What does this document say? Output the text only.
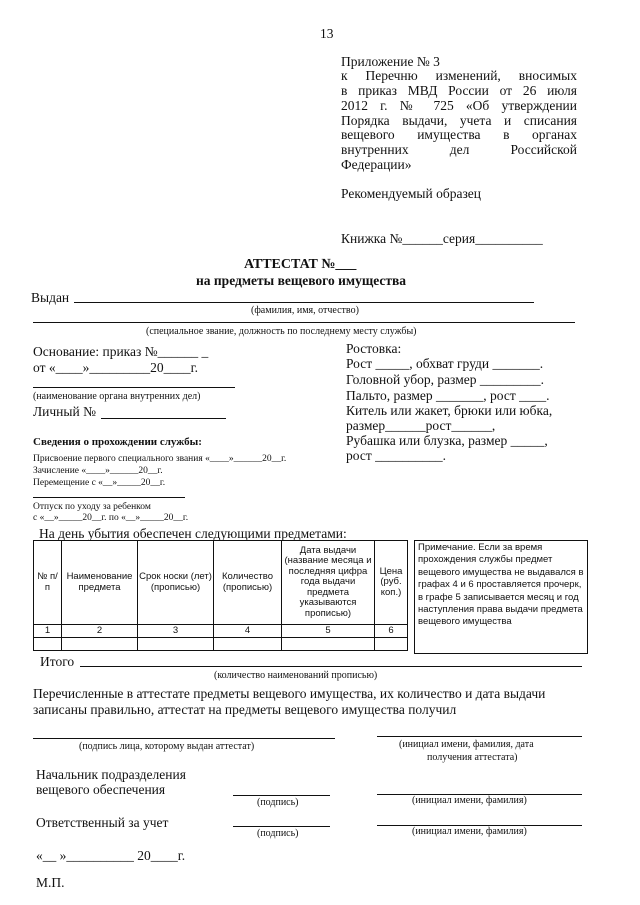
13
Приложение № 3
к Перечню изменений, вносимых
в приказ МВД России от 26 июля
2012 г. № 725 «Об утверждении
Порядка выдачи, учета и списания
вещевого имущества в органах
внутренних дел Российской
Федерации»
Рекомендуемый образец
Книжка №______серия__________
АТТЕСТАТ №___
на предметы вещевого имущества
Выдан
(фамилия, имя, отчество)
(специальное звание, должность по последнему месту службы)
Основание: приказ №______ _
от «____»_________20____г.
(наименование органа внутренних дел)
Личный №
Сведения о прохождении службы:
Присвоение первого специального звания «____»______20__г.
Зачисление «____»______20__г.
Перемещение с «__»_____20__г.
Отпуск по уходу за ребенком
с «__»_____20__г. по «__»_____20__г.
Ростовка:
Рост _____, обхват груди _______.
Головной убор, размер _________.
Пальто, размер _______, рост ____.
Китель или жакет, брюки или юбка,
размер______рост______,
Рубашка или блузка, размер _____,
рост __________.
На день убытия обеспечен следующими предметами:
№ п/п	Наименование предмета	Срок носки (лет) (прописью)	Количество (прописью)	Дата выдачи (название месяца и последняя цифра года выдачи предмета указываются прописью)	Цена (руб. коп.)
1	2	3	4	5	6

Примечание. Если за время прохождения службы предмет вещевого имущества не выдавался в графах 4 и 6 проставляется прочерк, в графе 5 записывается месяц и год наступления права выдачи предмета вещевого имущества
Итого
(количество наименований прописью)
Перечисленные в аттестате предметы вещевого имущества, их количество и дата выдачи
записаны правильно, аттестат на предметы вещевого имущества получил
(подпись лица, которому выдан аттестат)	(инициал имени, фамилия, дата
получения аттестата)
Начальник подразделения
вещевого обеспечения
(подпись)	(инициал имени, фамилия)
Ответственный за учет
(подпись)	(инициал имени, фамилия)
«__ »__________ 20____г.
М.П.
